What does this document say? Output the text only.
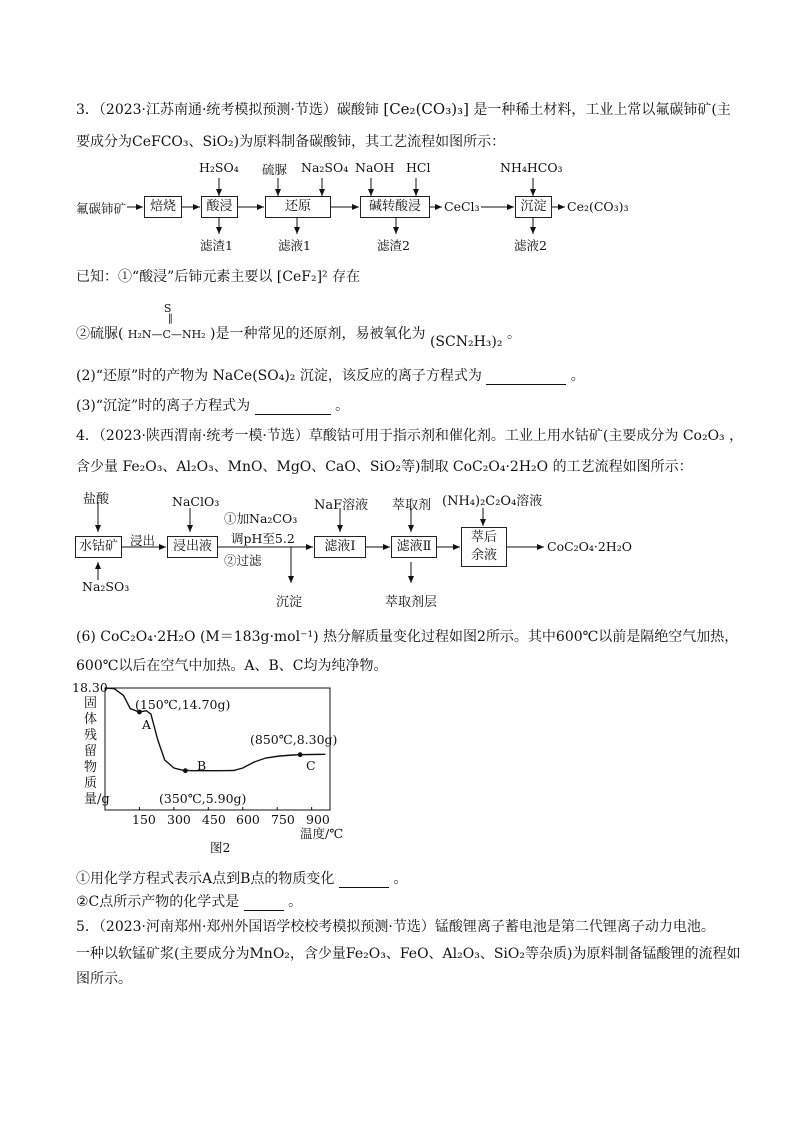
3．（2023·江苏南通·统考模拟预测·节选）碳酸铈 [Ce₂(CO₃)₃] 是一种稀土材料，工业上常以氟碳铈矿(主
要成分为CeFCO₃、SiO₂)为原料制备碳酸铈，其工艺流程如图所示：
氟碳铈矿	焙烧	酸浸	还原	碱转酸浸	CeCl₃	沉淀	Ce₂(CO₃)₃
H₂SO₄ 硫脲 Na₂SO₄ NaOH HCl	NH₄HCO₃
滤渣1	滤液1	滤渣2	滤液2
已知：①“酸浸”后铈元素主要以 [CeF₂]² 存在
②硫脲(
S
‖
H₂N—C—NH₂ )是一种常见的还原剂，易被氧化为 (SCN₂H₃)₂ 。
(2)“还原”时的产物为 NaCe(SO₄)₂ 沉淀，该反应的离子方程式为	。
(3)“沉淀”时的离子方程式为	。
4．（2023·陕西渭南·统考一模·节选）草酸钴可用于指示剂和催化剂。工业上用水钴矿(主要成分为 Co₂O₃ ，
含少量 Fe₂O₃、Al₂O₃、MnO、MgO、CaO、SiO₂等)制取 CoC₂O₄·2H₂O 的工艺流程如图所示：
盐酸	NaClO₃	NaF溶液 萃取剂 (NH₄)₂C₂O₄溶液
水钴矿 浸出	浸出液
①加Na₂CO₃
调pH至5.2
②过滤
滤液Ⅰ	滤液Ⅱ
萃后余液
CoC₂O₄·2H₂O
Na₂SO₃
沉淀	萃取剂层
(6) CoC₂O₄·2H₂O (M＝183g·mol⁻¹) 热分解质量变化过程如图2所示。其中600℃以前是隔绝空气加热，
600℃以后在空气中加热。A、B、C均为纯净物。
18.30
固体残留物质量/g
温度/℃
图2
150 300 450 600 750 900
(150℃,14.70g)
A
B
(350℃,5.90g)
(850℃,8.30g)
C
①用化学方程式表示A点到B点的物质变化	。
②C点所示产物的化学式是	。
5．（2023·河南郑州·郑州外国语学校校考模拟预测·节选）锰酸锂离子蓄电池是第二代锂离子动力电池。
一种以软锰矿浆(主要成分为MnO₂，含少量Fe₂O₃、FeO、Al₂O₃、SiO₂等杂质)为原料制备锰酸锂的流程如
图所示。
